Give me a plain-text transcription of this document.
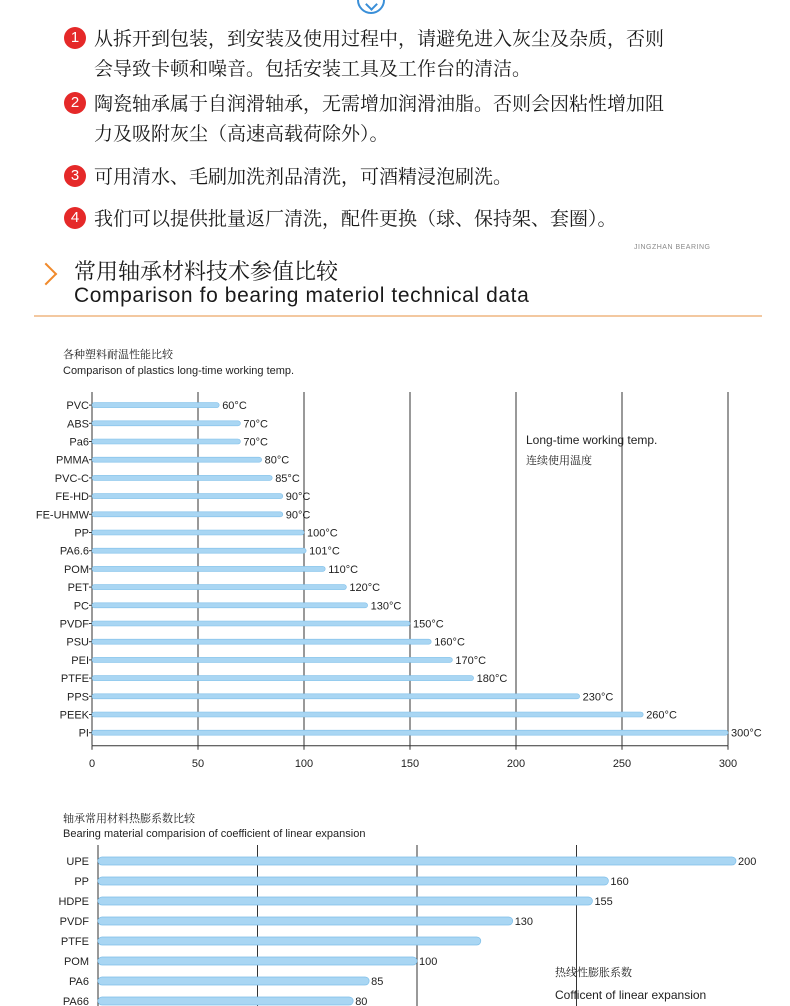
1 从拆开到包装，到安装及使用过程中，请避免进入灰尘及杂质，否则
会导致卡顿和噪音。包括安装工具及工作台的清洁。
2 陶瓷轴承属于自润滑轴承，无需增加润滑油脂。否则会因粘性增加阻
力及吸附灰尘（高速高载荷除外）。
3 可用清水、毛刷加洗剂品清洗，可酒精浸泡刷洗。
4 我们可以提供批量返厂清洗，配件更换（球、保持架、套圈）。
JINGZHAN BEARING
常用轴承材料技术参值比较
Comparison fo bearing materiol technical data
各种塑料耐温性能比较
Comparison of plastics long-time working temp.
0	50	100	150	200	250	300
PVC	60°C
ABS	70°C
Pa6	70°C
PMMA	80°C
PVC-C	85°C
FE-HD	90°C
FE-UHMW	90°C
PP	100°C
PA6.6	101°C
POM	110°C
PET	120°C
PC	130°C
PVDF	150°C
PSU	160°C
PEI	170°C
PTFE	180°C
PPS	230°C
PEEK	260°C
PI	300°C
Long-time working temp.
连续使用温度
轴承常用材料热膨系数比较
Bearing material comparision of coefficient of linear expansion
UPE	200
PP	160
HDPE	155
PVDF	130
PTFE
POM	100
PA6	85
PA66	80
热线性膨胀系数
Cofficent of linear expansion
